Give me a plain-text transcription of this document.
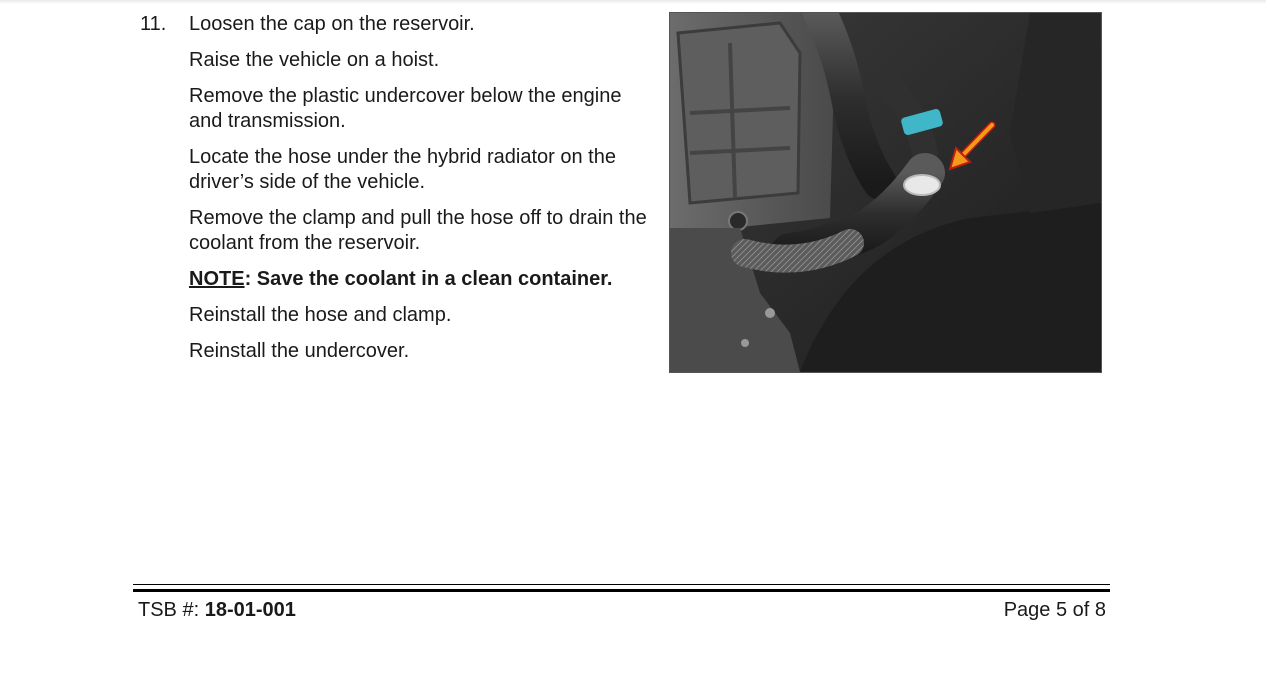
11. Loosen the cap on the reservoir.
Raise the vehicle on a hoist.
Remove the plastic undercover below the engine and transmission.
Locate the hose under the hybrid radiator on the driver’s side of the vehicle.
Remove the clamp and pull the hose off to drain the coolant from the reservoir.
NOTE: Save the coolant in a clean container.
Reinstall the hose and clamp.
Reinstall the undercover.
TSB #: 18-01-001	Page 5 of 8
